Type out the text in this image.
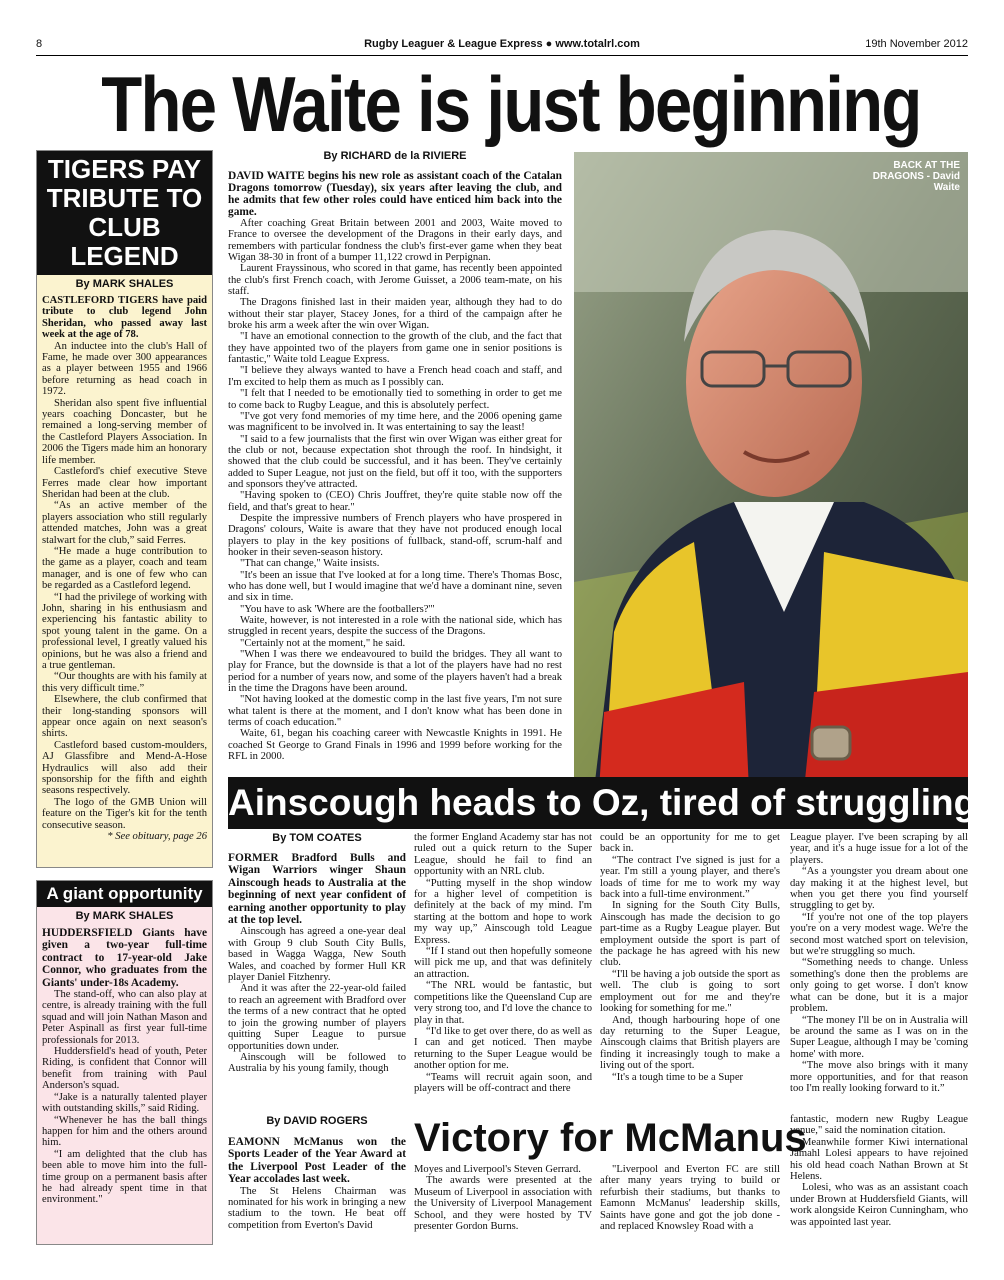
8	Rugby Leaguer & League Express ● www.totalrl.com	19th November 2012
The Waite is just beginning
TIGERS PAY TRIBUTE TO CLUB LEGEND
By MARK SHALES

CASTLEFORD TIGERS have paid tribute to club legend John Sheridan, who passed away last week at the age of 78.

An inductee into the club's Hall of Fame, he made over 300 appearances as a player between 1955 and 1966 before returning as head coach in 1972.

Sheridan also spent five influential years coaching Doncaster, but he remained a long-serving member of the Castleford Players Association. In 2006 the Tigers made him an honorary life member.

Castleford's chief executive Steve Ferres made clear how important Sheridan had been at the club.

“As an active member of the players association who still regularly attended matches, John was a great stalwart for the club,” said Ferres.

“He made a huge contribution to the game as a player, coach and team manager, and is one of few who can be regarded as a Castleford legend.

“I had the privilege of working with John, sharing in his enthusiasm and experiencing his fantastic ability to spot young talent in the game. On a professional level, I greatly valued his opinions, but he was also a friend and a true gentleman.

“Our thoughts are with his family at this very difficult time.”

Elsewhere, the club confirmed that their long-standing sponsors will appear once again on next season's shirts.

Castleford based custom-moulders, AJ Glassfibre and Mend-A-Hose Hydraulics will also add their sponsorship for the fifth and eighth seasons respectively.

The logo of the GMB Union will feature on the Tiger's kit for the tenth consecutive season.

* See obituary, page 26

A giant opportunity
By MARK SHALES

HUDDERSFIELD Giants have given a two-year full-time contract to 17-year-old Jake Connor, who graduates from the Giants' under-18s Academy.

The stand-off, who can also play at centre, is already training with the full squad and will join Nathan Mason and Peter Aspinall as first year full-time professionals for 2013.

Huddersfield's head of youth, Peter Riding, is confident that Connor will benefit from training with Paul Anderson's squad.

“Jake is a naturally talented player with outstanding skills,” said Riding.

“Whenever he has the ball things happen for him and the others around him.

“I am delighted that the club has been able to move him into the full-time group on a permanent basis after he had already spent time in that environment."

By RICHARD de la RIVIERE

DAVID WAITE begins his new role as assistant coach of the Catalan Dragons tomorrow (Tuesday), six years after leaving the club, and he admits that few other roles could have enticed him back into the game.

After coaching Great Britain between 2001 and 2003, Waite moved to France to oversee the development of the Dragons in their early days, and remembers with particular fondness the club's first-ever game when they beat Wigan 38-30 in front of a bumper 11,122 crowd in Perpignan.

Laurent Frayssinous, who scored in that game, has recently been appointed the club's first French coach, with Jerome Guisset, a 2006 team-mate, on his staff.

The Dragons finished last in their maiden year, although they had to do without their star player, Stacey Jones, for a third of the campaign after he broke his arm a week after the win over Wigan.

"I have an emotional connection to the growth of the club, and the fact that they have appointed two of the players from game one in senior positions is fantastic," Waite told League Express.

"I believe they always wanted to have a French head coach and staff, and I'm excited to help them as much as I possibly can.

"I felt that I needed to be emotionally tied to something in order to get me to come back to Rugby League, and this is absolutely perfect.

"I've got very fond memories of my time here, and the 2006 opening game was magnificent to be involved in. It was entertaining to say the least!

"I said to a few journalists that the first win over Wigan was either great for the club or not, because expectation shot through the roof. In hindsight, it showed that the club could be successful, and it has been. They've certainly added to Super League, not just on the field, but off it too, with the supporters and sponsors they've attracted.

"Having spoken to (CEO) Chris Jouffret, they're quite stable now off the field, and that's great to hear."

Despite the impressive numbers of French players who have prospered in Dragons' colours, Waite is aware that they have not produced enough local players to play in the key positions of fullback, stand-off, scrum-half and hooker in their seven-season history.

"That can change," Waite insists.

"It's been an issue that I've looked at for a long time. There's Thomas Bosc, who has done well, but I would imagine that we'd have a dominant nine, seven and six in time.

"You have to ask 'Where are the footballers?'"

Waite, however, is not interested in a role with the national side, which has struggled in recent years, despite the success of the Dragons.

"Certainly not at the moment," he said.

"When I was there we endeavoured to build the bridges. They all want to play for France, but the downside is that a lot of the players have had no rest period for a number of years now, and some of the players haven't had a break in the time the Dragons have been around.

"Not having looked at the domestic comp in the last five years, I'm not sure what talent is there at the moment, and I don't know what has been done in terms of coach education."

Waite, 61, began his coaching career with Newcastle Knights in 1991. He coached St George to Grand Finals in 1996 and 1999 before working for the RFL in 2000.

BACK AT THE DRAGONS - David Waite
Ainscough heads to Oz, tired of struggling
By TOM COATES

FORMER Bradford Bulls and Wigan Warriors winger Shaun Ainscough heads to Australia at the beginning of next year confident of earning another opportunity to play at the top level.

Ainscough has agreed a one-year deal with Group 9 club South City Bulls, based in Wagga Wagga, New South Wales, and coached by former Hull KR player Daniel Fitzhenry.

And it was after the 22-year-old failed to reach an agreement with Bradford over the terms of a new contract that he opted to join the growing number of players quitting Super League to pursue opportunities down under.

Ainscough will be followed to Australia by his young family, though

the former England Academy star has not ruled out a quick return to the Super League, should he fail to find an opportunity with an NRL club.

“Putting myself in the shop window for a higher level of competition is definitely at the back of my mind. I'm starting at the bottom and hope to work my way up,” Ainscough told League Express.

“If I stand out then hopefully someone will pick me up, and that was definitely an attraction.

“The NRL would be fantastic, but competitions like the Queensland Cup are very strong too, and I'd love the chance to play in that.

“I'd like to get over there, do as well as I can and get noticed. Then maybe returning to the Super League would be another option for me.

“Teams will recruit again soon, and players will be off-contract and there

could be an opportunity for me to get back in.

“The contract I've signed is just for a year. I'm still a young player, and there's loads of time for me to work my way back into a full-time environment.”

In signing for the South City Bulls, Ainscough has made the decision to go part-time as a Rugby League player. But employment outside the sport is part of the package he has agreed with his new club.

“I'll be having a job outside the sport as well. The club is going to sort employment out for me and they're looking for something for me."

And, though harbouring hope of one day returning to the Super League, Ainscough claims that British players are finding it increasingly tough to make a living out of the sport.

“It's a tough time to be a Super

League player. I've been scraping by all year, and it's a huge issue for a lot of the players.

“As a youngster you dream about one day making it at the highest level, but when you get there you find yourself struggling to get by.

“If you're not one of the top players you're on a very modest wage. We're the second most watched sport on television, but we're struggling so much.

“Something needs to change. Unless something's done then the problems are only going to get worse. I don't know what can be done, but it is a major problem.

“The money I'll be on in Australia will be around the same as I was on in the Super League, although I may be 'coming home' with more.

“The move also brings with it many more opportunities, and for that reason too I'm really looking forward to it.”

By DAVID ROGERS

EAMONN McManus won the Sports Leader of the Year Award at the Liverpool Post Leader of the Year accolades last week.

The St Helens Chairman was nominated for his work in bringing a new stadium to the town. He beat off competition from Everton's David

Victory for McManus

Moyes and Liverpool's Steven Gerrard.

The awards were presented at the Museum of Liverpool in association with the University of Liverpool Management School, and they were hosted by TV presenter Gordon Burns.

"Liverpool and Everton FC are still after many years trying to build or refurbish their stadiums, but thanks to Eamonn McManus' leadership skills, Saints have gone and got the job done - and replaced Knowsley Road with a

fantastic, modern new Rugby League venue," said the nomination citation.

Meanwhile former Kiwi international Jamahl Lolesi appears to have rejoined his old head coach Nathan Brown at St Helens.

Lolesi, who was as an assistant coach under Brown at Huddersfield Giants, will work alongside Keiron Cunningham, who was appointed last year.
